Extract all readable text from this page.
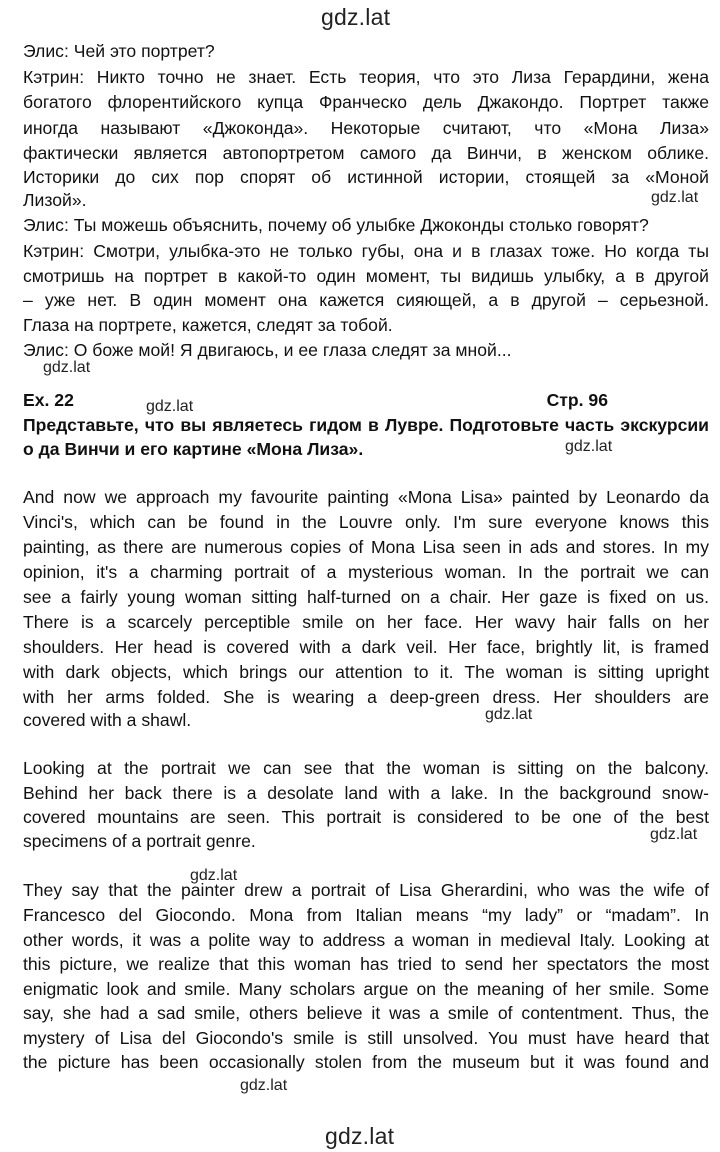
gdz.lat
gdz.lat
gdz.lat
gdz.lat
gdz.lat
gdz.lat
gdz.lat
gdz.lat
gdz.lat
gdz.lat
Элис: Чей это портрет?
Кэтрин: Никто точно не знает. Есть теория, что это Лиза Герардини, жена
богатого флорентийского купца Франческо дель Джакондо. Портрет также
иногда называют «Джоконда». Некоторые считают, что «Мона Лиза»
фактически является автопортретом самого да Винчи, в женском облике.
Историки до сих пор спорят об истинной истории, стоящей за «Моной
Лизой».
Элис: Ты можешь объяснить, почему об улыбке Джоконды столько говорят?
Кэтрин: Смотри, улыбка-это не только губы, она и в глазах тоже. Но когда ты
смотришь на портрет в какой-то один момент, ты видишь улыбку, а в другой
– уже нет. В один момент она кажется сияющей, а в другой – серьезной.
Глаза на портрете, кажется, следят за тобой.
Элис: О боже мой! Я двигаюсь, и ее глаза следят за мной...
Ex. 22	Стр. 96
Представьте, что вы являетесь гидом в Лувре. Подготовьте часть экскурсии
о да Винчи и его картине «Мона Лиза».
And now we approach my favourite painting «Mona Lisa» painted by Leonardo da
Vinci's, which can be found in the Louvre only. I'm sure everyone knows this
painting, as there are numerous copies of Mona Lisa seen in ads and stores. In my
opinion, it's a charming portrait of a mysterious woman. In the portrait we can
see a fairly young woman sitting half-turned on a chair. Her gaze is fixed on us.
There is a scarcely perceptible smile on her face. Her wavy hair falls on her
shoulders. Her head is covered with a dark veil. Her face, brightly lit, is framed
with dark objects, which brings our attention to it. The woman is sitting upright
with her arms folded. She is wearing a deep-green dress. Her shoulders are
covered with a shawl.
Looking at the portrait we can see that the woman is sitting on the balcony.
Behind her back there is a desolate land with a lake. In the background snow-
covered mountains are seen. This portrait is considered to be one of the best
specimens of a portrait genre.
They say that the painter drew a portrait of Lisa Gherardini, who was the wife of
Francesco del Giocondo. Mona from Italian means “my lady” or “madam”. In
other words, it was a polite way to address a woman in medieval Italy. Looking at
this picture, we realize that this woman has tried to send her spectators the most
enigmatic look and smile. Many scholars argue on the meaning of her smile. Some
say, she had a sad smile, others believe it was a smile of contentment. Thus, the
mystery of Lisa del Giocondo's smile is still unsolved. You must have heard that
the picture has been occasionally stolen from the museum but it was found and
